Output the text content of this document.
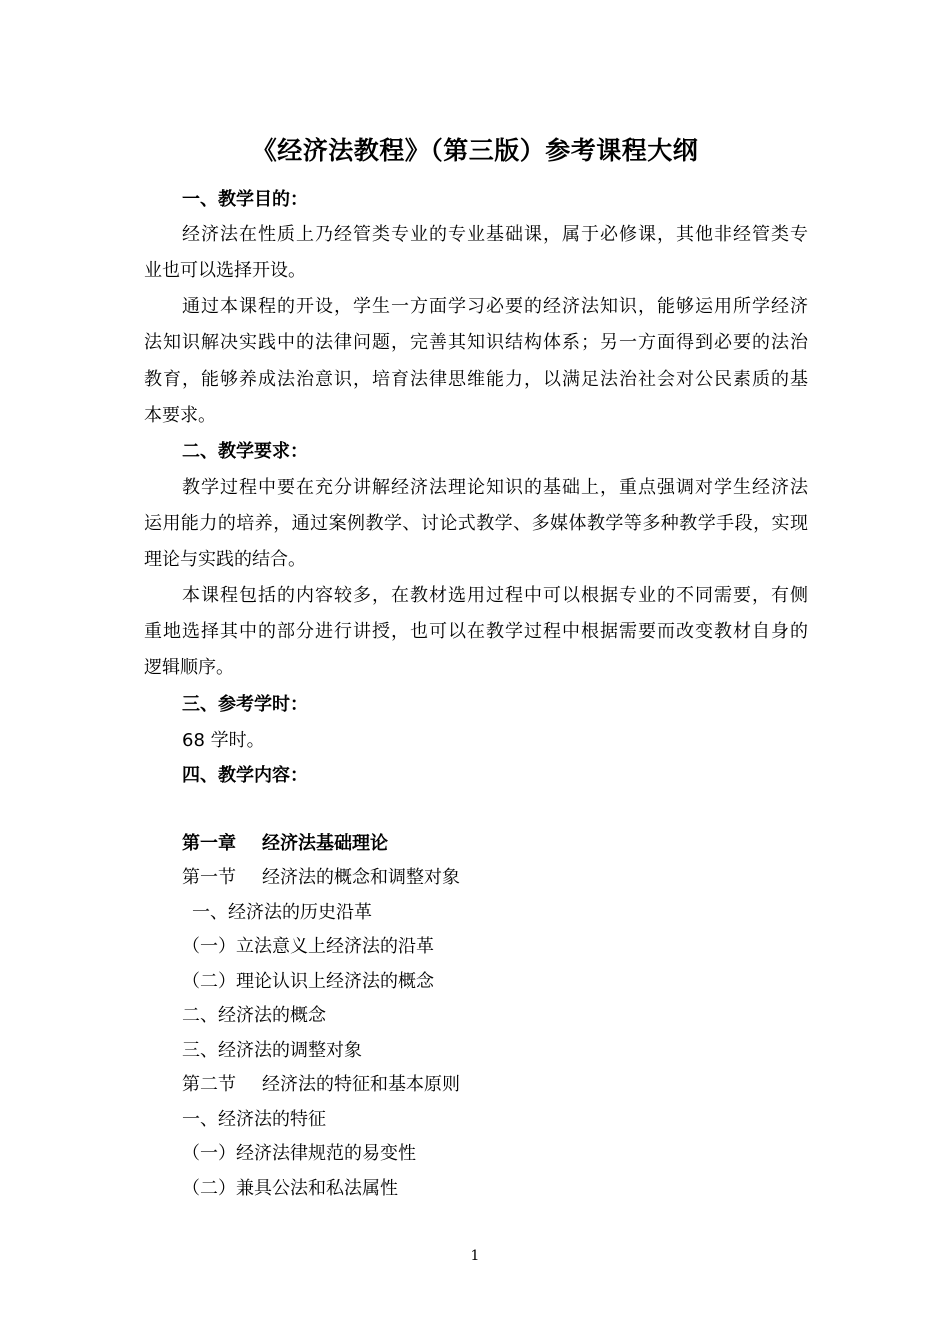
《经济法教程》（第三版）参考课程大纲
一、教学目的：
经济法在性质上乃经管类专业的专业基础课，属于必修课，其他非经管类专
业也可以选择开设。
通过本课程的开设，学生一方面学习必要的经济法知识，能够运用所学经济
法知识解决实践中的法律问题，完善其知识结构体系；另一方面得到必要的法治
教育，能够养成法治意识，培育法律思维能力，以满足法治社会对公民素质的基
本要求。
二、教学要求：
教学过程中要在充分讲解经济法理论知识的基础上，重点强调对学生经济法
运用能力的培养，通过案例教学、讨论式教学、多媒体教学等多种教学手段，实现
理论与实践的结合。
本课程包括的内容较多，在教材选用过程中可以根据专业的不同需要，有侧
重地选择其中的部分进行讲授，也可以在教学过程中根据需要而改变教材自身的
逻辑顺序。
三、参考学时：
68 学时。
四、教学内容：
第一章 经济法基础理论
第一节 经济法的概念和调整对象
一、经济法的历史沿革
（一）立法意义上经济法的沿革
（二）理论认识上经济法的概念
二、经济法的概念
三、经济法的调整对象
第二节 经济法的特征和基本原则
一、经济法的特征
（一）经济法律规范的易变性
（二）兼具公法和私法属性
1
